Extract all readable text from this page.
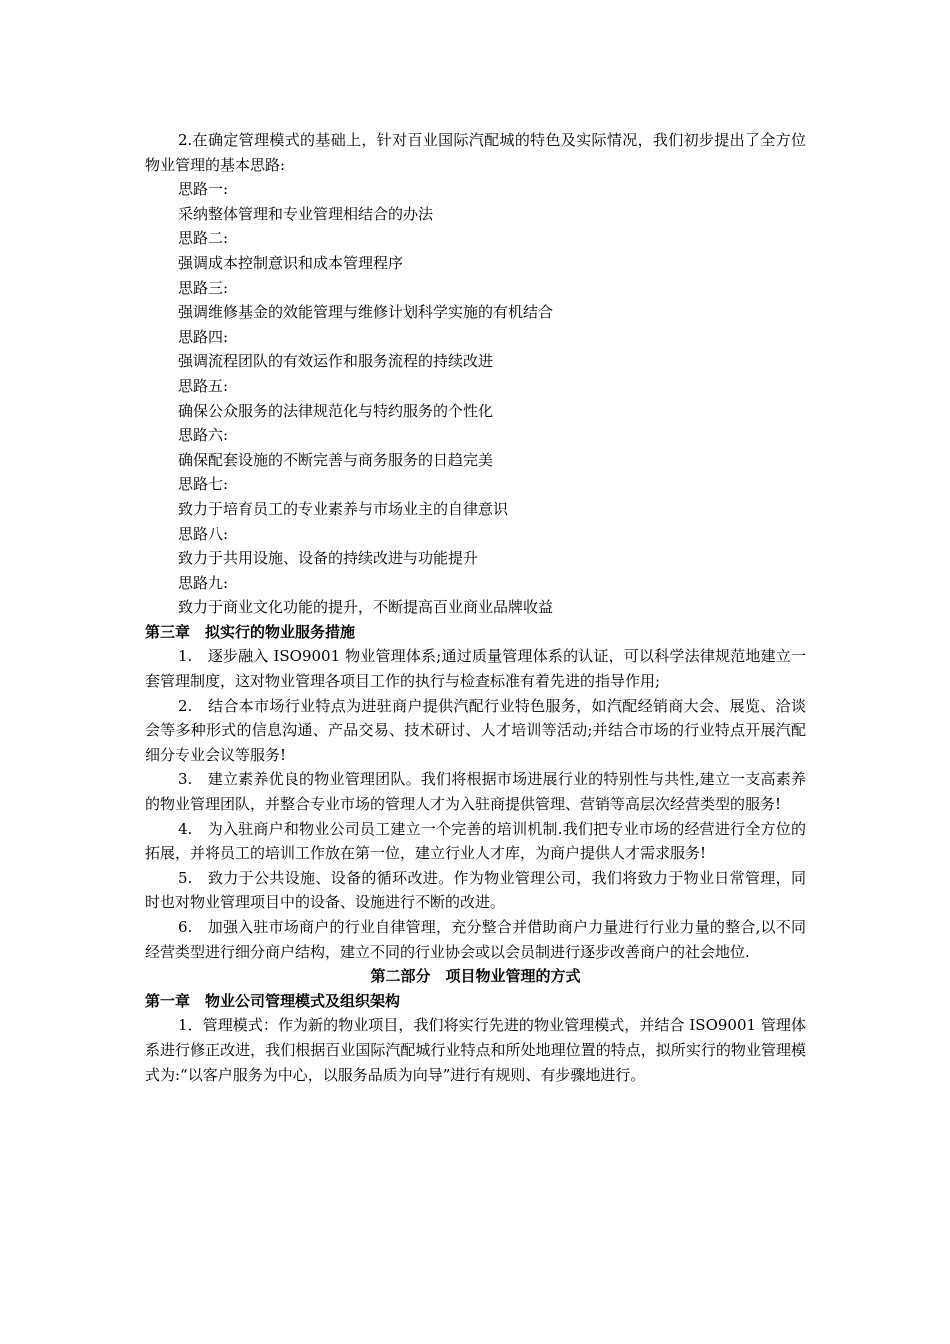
2.在确定管理模式的基础上，针对百业国际汽配城的特色及实际情况，我们初步提出了全方位物业管理的基本思路:

思路一:

采纳整体管理和专业管理相结合的办法

思路二:

强调成本控制意识和成本管理程序

思路三:

强调维修基金的效能管理与维修计划科学实施的有机结合

思路四:

强调流程团队的有效运作和服务流程的持续改进

思路五:

确保公众服务的法律规范化与特约服务的个性化

思路六:

确保配套设施的不断完善与商务服务的日趋完美

思路七:

致力于培育员工的专业素养与市场业主的自律意识

思路八:

致力于共用设施、设备的持续改进与功能提升

思路九:

致力于商业文化功能的提升，不断提高百业商业品牌收益

第三章　拟实行的物业服务措施

1.　逐步融入 ISO9001 物业管理体系;通过质量管理体系的认证，可以科学法律规范地建立一套管理制度，这对物业管理各项目工作的执行与检查标准有着先进的指导作用;

2.　结合本市场行业特点为进驻商户提供汽配行业特色服务，如汽配经销商大会、展览、洽谈会等多种形式的信息沟通、产品交易、技术研讨、人才培训等活动;并结合市场的行业特点开展汽配细分专业会议等服务!

3.　建立素养优良的物业管理团队。我们将根据市场进展行业的特别性与共性,建立一支高素养的物业管理团队，并整合专业市场的管理人才为入驻商提供管理、营销等高层次经营类型的服务!

4.　为入驻商户和物业公司员工建立一个完善的培训机制.我们把专业市场的经营进行全方位的拓展，并将员工的培训工作放在第一位，建立行业人才库，为商户提供人才需求服务!

5.　致力于公共设施、设备的循环改进。作为物业管理公司，我们将致力于物业日常管理，同时也对物业管理项目中的设备、设施进行不断的改进。

6.　加强入驻市场商户的行业自律管理，充分整合并借助商户力量进行行业力量的整合,以不同经营类型进行细分商户结构，建立不同的行业协会或以会员制进行逐步改善商户的社会地位.

第二部分　项目物业管理的方式

第一章　物业公司管理模式及组织架构

1．管理模式：作为新的物业项目，我们将实行先进的物业管理模式，并结合 ISO9001 管理体系进行修正改进，我们根据百业国际汽配城行业特点和所处地理位置的特点，拟所实行的物业管理模式为:“以客户服务为中心，以服务品质为向导”进行有规则、有步骤地进行。
